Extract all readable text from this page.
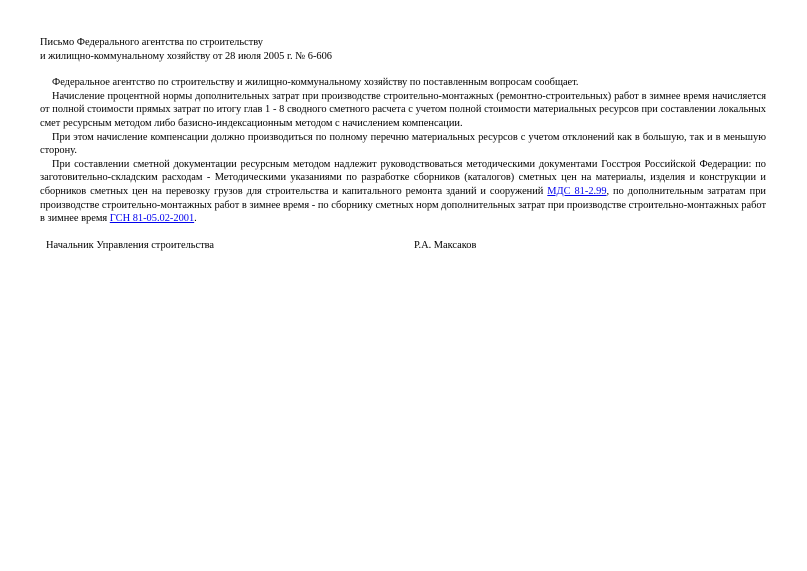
Письмо Федерального агентства по строительству

и жилищно-коммунальному хозяйству от 28 июля 2005 г. № 6-606

Федеральное агентство по строительству и жилищно-коммунальному хозяйству по поставленным вопросам сообщает.

Начисление процентной нормы дополнительных затрат при производстве строительно-монтажных (ремонтно-строительных) работ в зимнее время начисляется от полной стоимости прямых затрат по итогу глав 1 - 8 сводного сметного расчета с учетом полной стоимости материальных ресурсов при составлении локальных смет ресурсным методом либо базисно-индексационным методом с начислением компенсации.

При этом начисление компенсации должно производиться по полному перечню материальных ресурсов с учетом отклонений как в большую, так и в меньшую сторону.

При составлении сметной документации ресурсным методом надлежит руководствоваться методическими документами Госстроя Российской Федерации: по заготовительно-складским расходам - Методическими указаниями по разработке сборников (каталогов) сметных цен на материалы, изделия и конструкции и сборников сметных цен на перевозку грузов для строительства и капитального ремонта зданий и сооружений МДС 81-2.99, по дополнительным затратам при производстве строительно-монтажных работ в зимнее время - по сборнику сметных норм дополнительных затрат при производстве строительно-монтажных работ в зимнее время ГСН 81-05.02-2001.

Начальник Управления строительства	Р.А. Максаков
